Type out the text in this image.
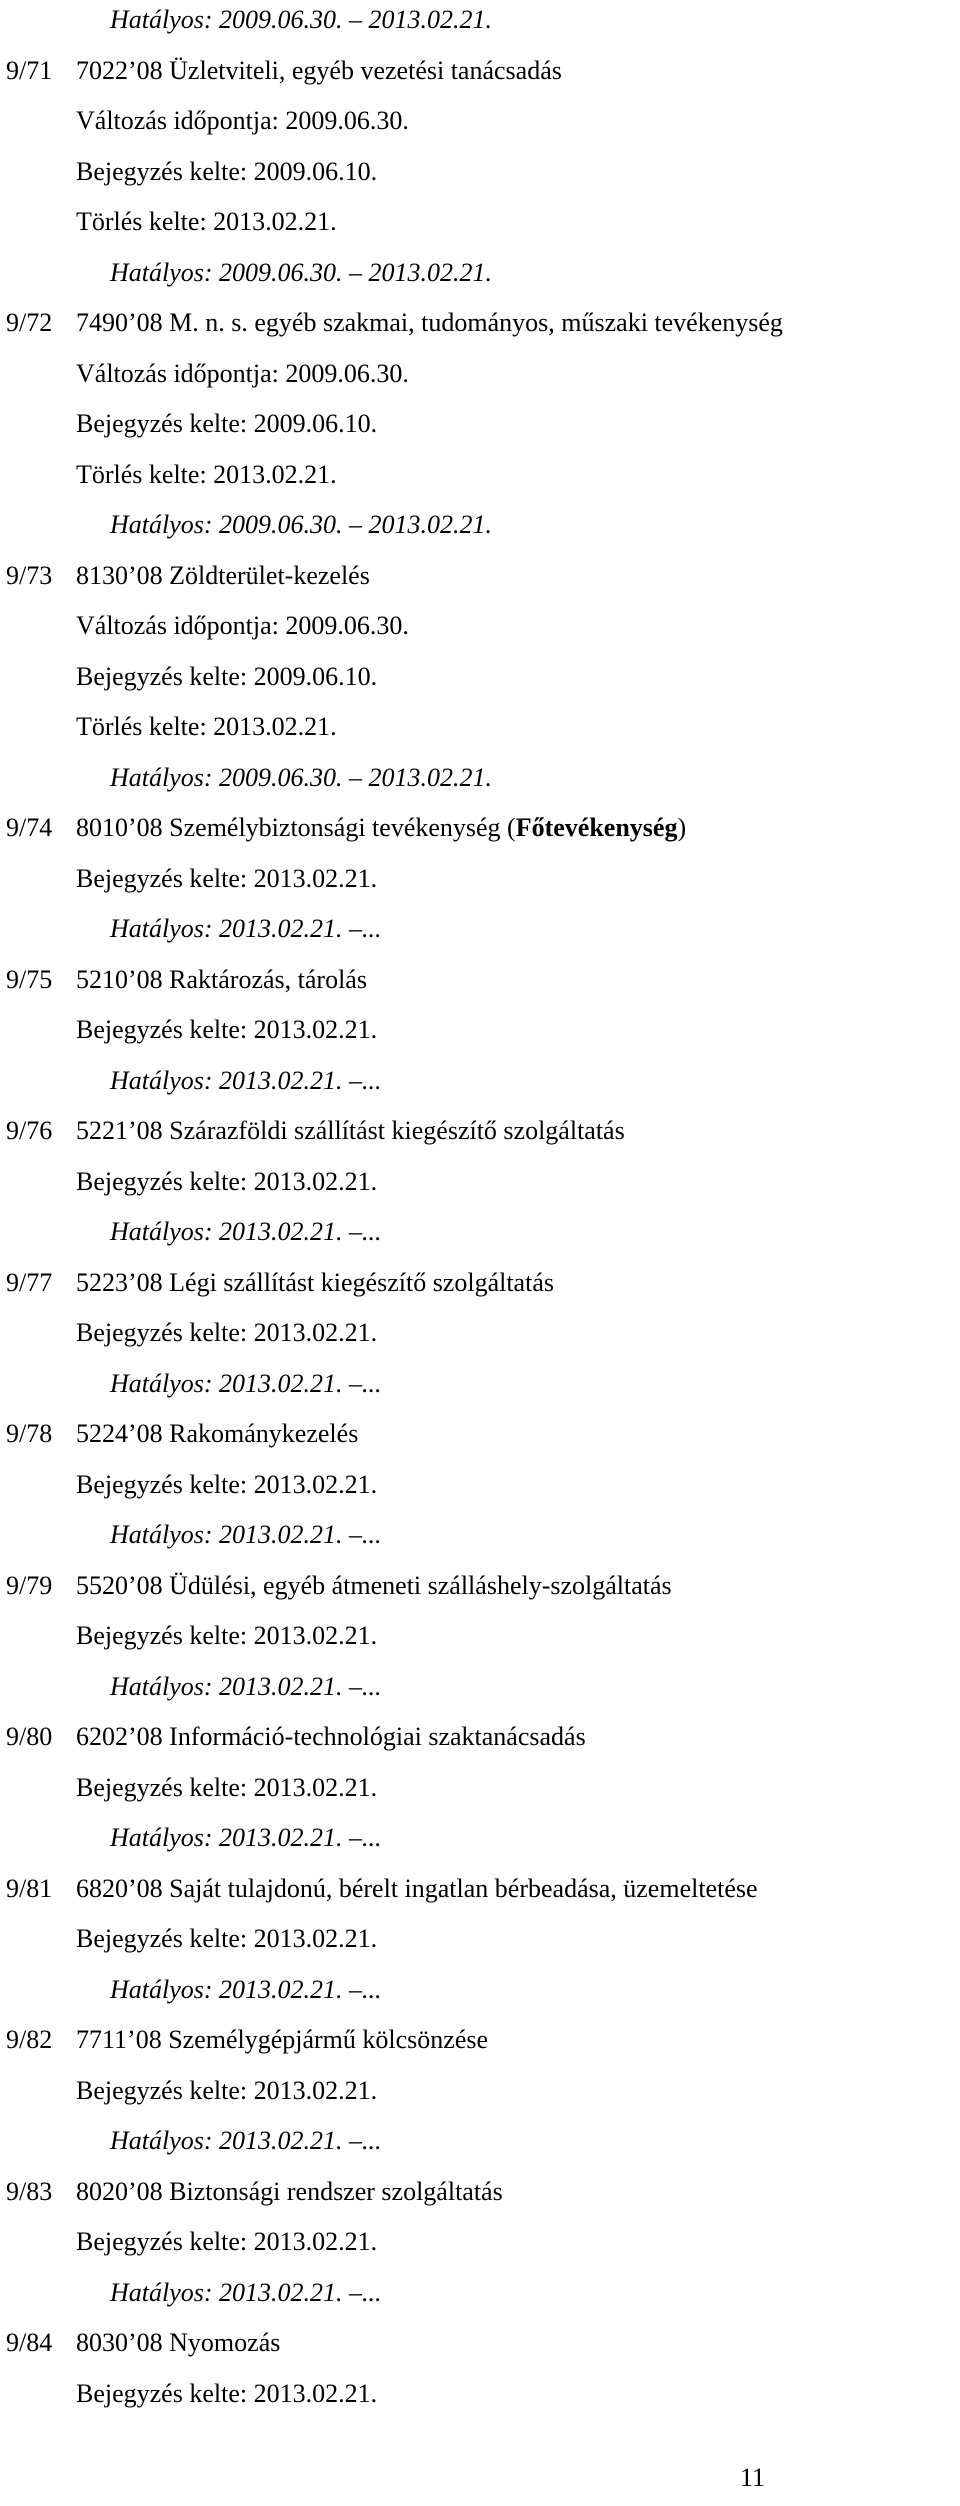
Hatályos: 2009.06.30. – 2013.02.21.
9/71 7022’08 Üzletviteli, egyéb vezetési tanácsadás
Változás időpontja: 2009.06.30.
Bejegyzés kelte: 2009.06.10.
Törlés kelte: 2013.02.21.
Hatályos: 2009.06.30. – 2013.02.21.
9/72 7490’08 M. n. s. egyéb szakmai, tudományos, műszaki tevékenység
Változás időpontja: 2009.06.30.
Bejegyzés kelte: 2009.06.10.
Törlés kelte: 2013.02.21.
Hatályos: 2009.06.30. – 2013.02.21.
9/73 8130’08 Zöldterület-kezelés
Változás időpontja: 2009.06.30.
Bejegyzés kelte: 2009.06.10.
Törlés kelte: 2013.02.21.
Hatályos: 2009.06.30. – 2013.02.21.
9/74 8010’08 Személybiztonsági tevékenység (Főtevékenység)
Bejegyzés kelte: 2013.02.21.
Hatályos: 2013.02.21. –...
9/75 5210’08 Raktározás, tárolás
Bejegyzés kelte: 2013.02.21.
Hatályos: 2013.02.21. –...
9/76 5221’08 Szárazföldi szállítást kiegészítő szolgáltatás
Bejegyzés kelte: 2013.02.21.
Hatályos: 2013.02.21. –...
9/77 5223’08 Légi szállítást kiegészítő szolgáltatás
Bejegyzés kelte: 2013.02.21.
Hatályos: 2013.02.21. –...
9/78 5224’08 Rakománykezelés
Bejegyzés kelte: 2013.02.21.
Hatályos: 2013.02.21. –...
9/79 5520’08 Üdülési, egyéb átmeneti szálláshely-szolgáltatás
Bejegyzés kelte: 2013.02.21.
Hatályos: 2013.02.21. –...
9/80 6202’08 Információ-technológiai szaktanácsadás
Bejegyzés kelte: 2013.02.21.
Hatályos: 2013.02.21. –...
9/81 6820’08 Saját tulajdonú, bérelt ingatlan bérbeadása, üzemeltetése
Bejegyzés kelte: 2013.02.21.
Hatályos: 2013.02.21. –...
9/82 7711’08 Személygépjármű kölcsönzése
Bejegyzés kelte: 2013.02.21.
Hatályos: 2013.02.21. –...
9/83 8020’08 Biztonsági rendszer szolgáltatás
Bejegyzés kelte: 2013.02.21.
Hatályos: 2013.02.21. –...
9/84 8030’08 Nyomozás
Bejegyzés kelte: 2013.02.21.
11
